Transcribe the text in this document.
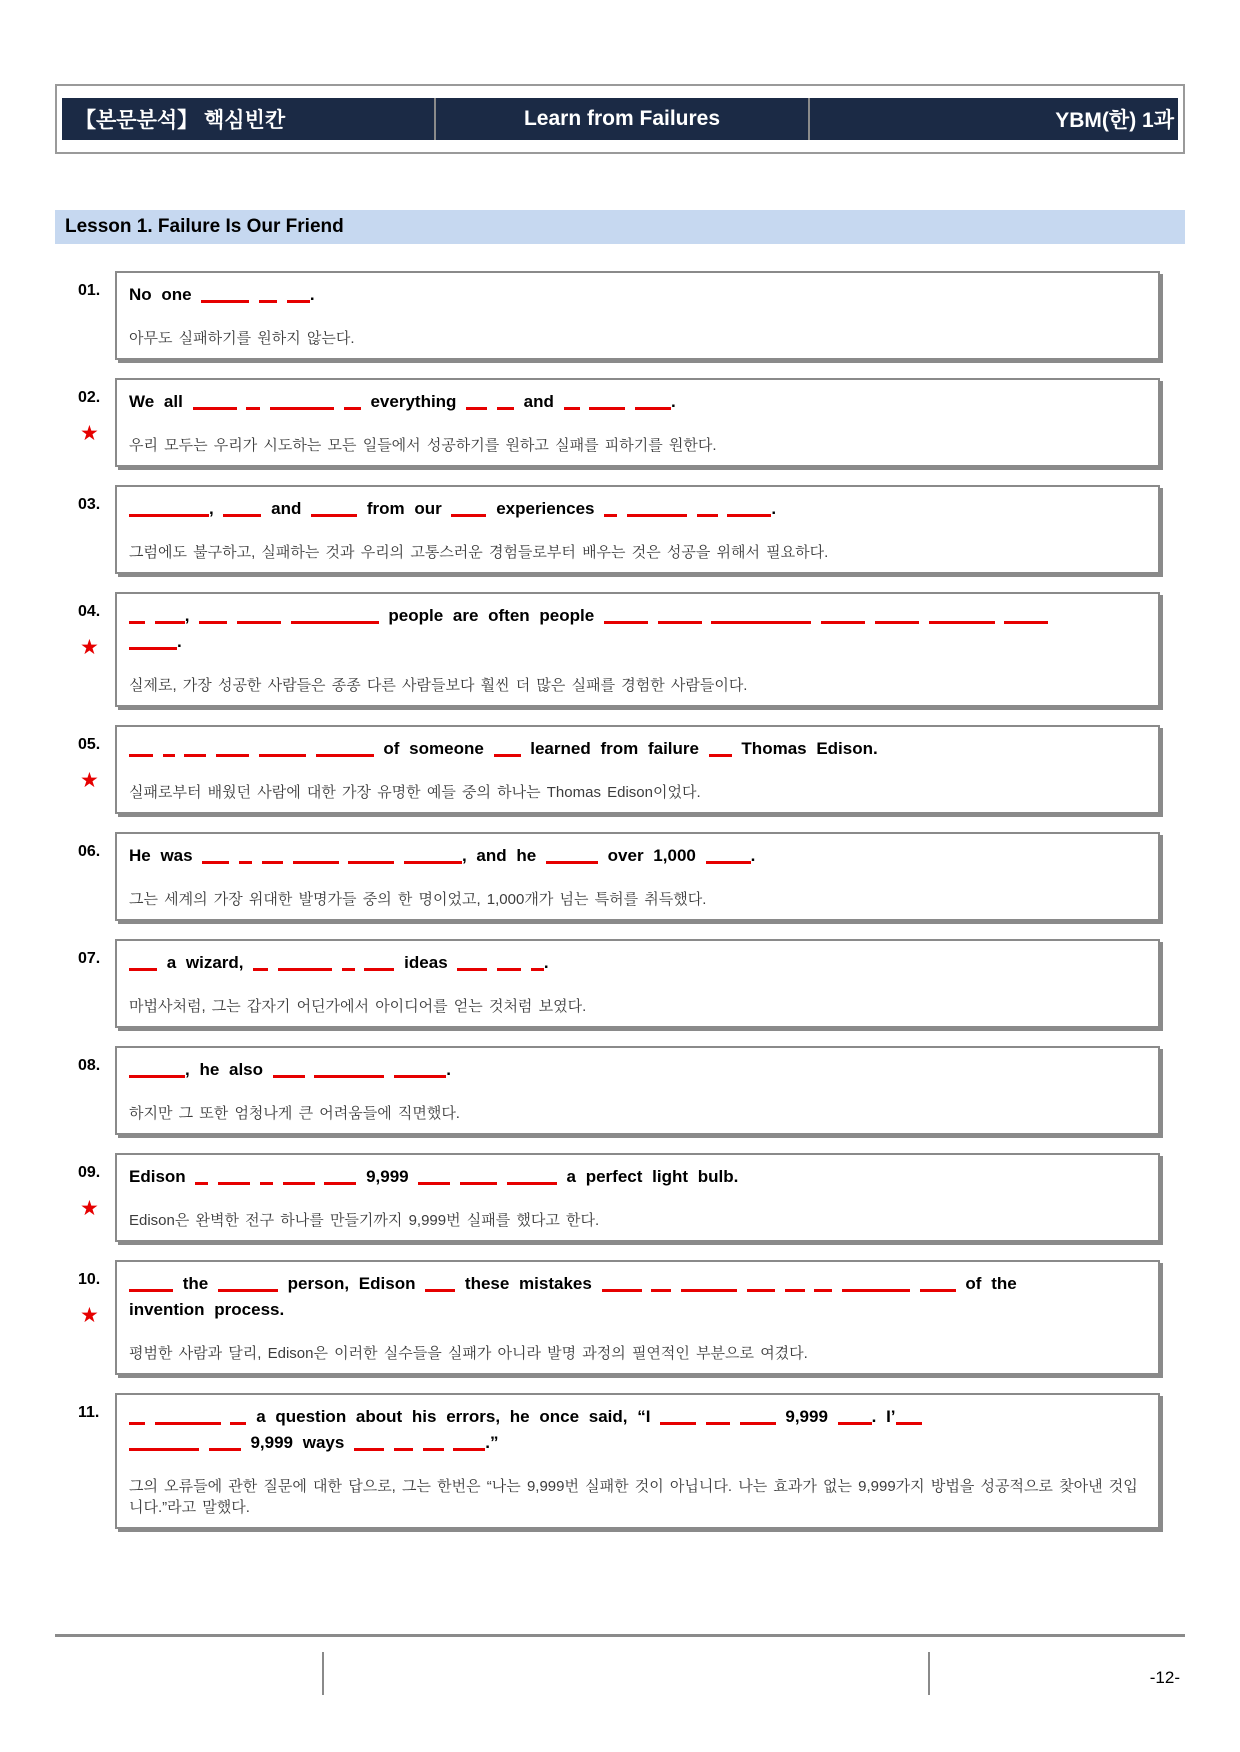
【본문분석】 핵심빈칸	Learn from Failures	YBM(한) 1과
Lesson 1. Failure Is Our Friend
01.	No one	.
아무도 실패하기를 원하지 않는다.
02.
★
We all	everything	and	.
우리 모두는 우리가 시도하는 모든 일들에서 성공하기를 원하고 실패를 피하기를 원한다.
03.	,  and	from our  experiences	.
그럼에도 불구하고, 실패하는 것과 우리의 고통스러운 경험들로부터 배우는 것은 성공을 위해서 필요하다.
04.
★
,	people are often people
.
실제로, 가장 성공한 사람들은 종종 다른 사람들보다 훨씬 더 많은 실패를 경험한 사람들이다.
05.
★
of someone  learned from failure  Thomas Edison.
실패로부터 배웠던 사람에 대한 가장 유명한 예들 중의 하나는 Thomas Edison이었다.
06.	He was	, and he	over 1,000	.
그는 세계의 가장 위대한 발명가들 중의 한 명이었고, 1,000개가 넘는 특허를 취득했다.
07.	a wizard,	ideas	.
마법사처럼, 그는 갑자기 어딘가에서 아이디어를 얻는 것처럼 보였다.
08.	, he also	.
하지만 그 또한 엄청나게 큰 어려움들에 직면했다.
09.
★
Edison	9,999	a perfect light bulb.
Edison은 완벽한 전구 하나를 만들기까지 9,999번 실패를 했다고 한다.
10.
★
the	person, Edison  these mistakes	of the
invention process.
평범한 사람과 달리, Edison은 이러한 실수들을 실패가 아니라 발명 과정의 필연적인 부분으로 여겼다.
11.	a question about his errors, he once said, “I	9,999 . I’
9,999 ways	.”
그의 오류들에 관한 질문에 대한 답으로, 그는 한번은 “나는 9,999번 실패한 것이 아닙니다. 나는 효과가 없는 9,999가지 방법을 성공적으로 찾아낸 것입니다.”라고 말했다.
-12-
